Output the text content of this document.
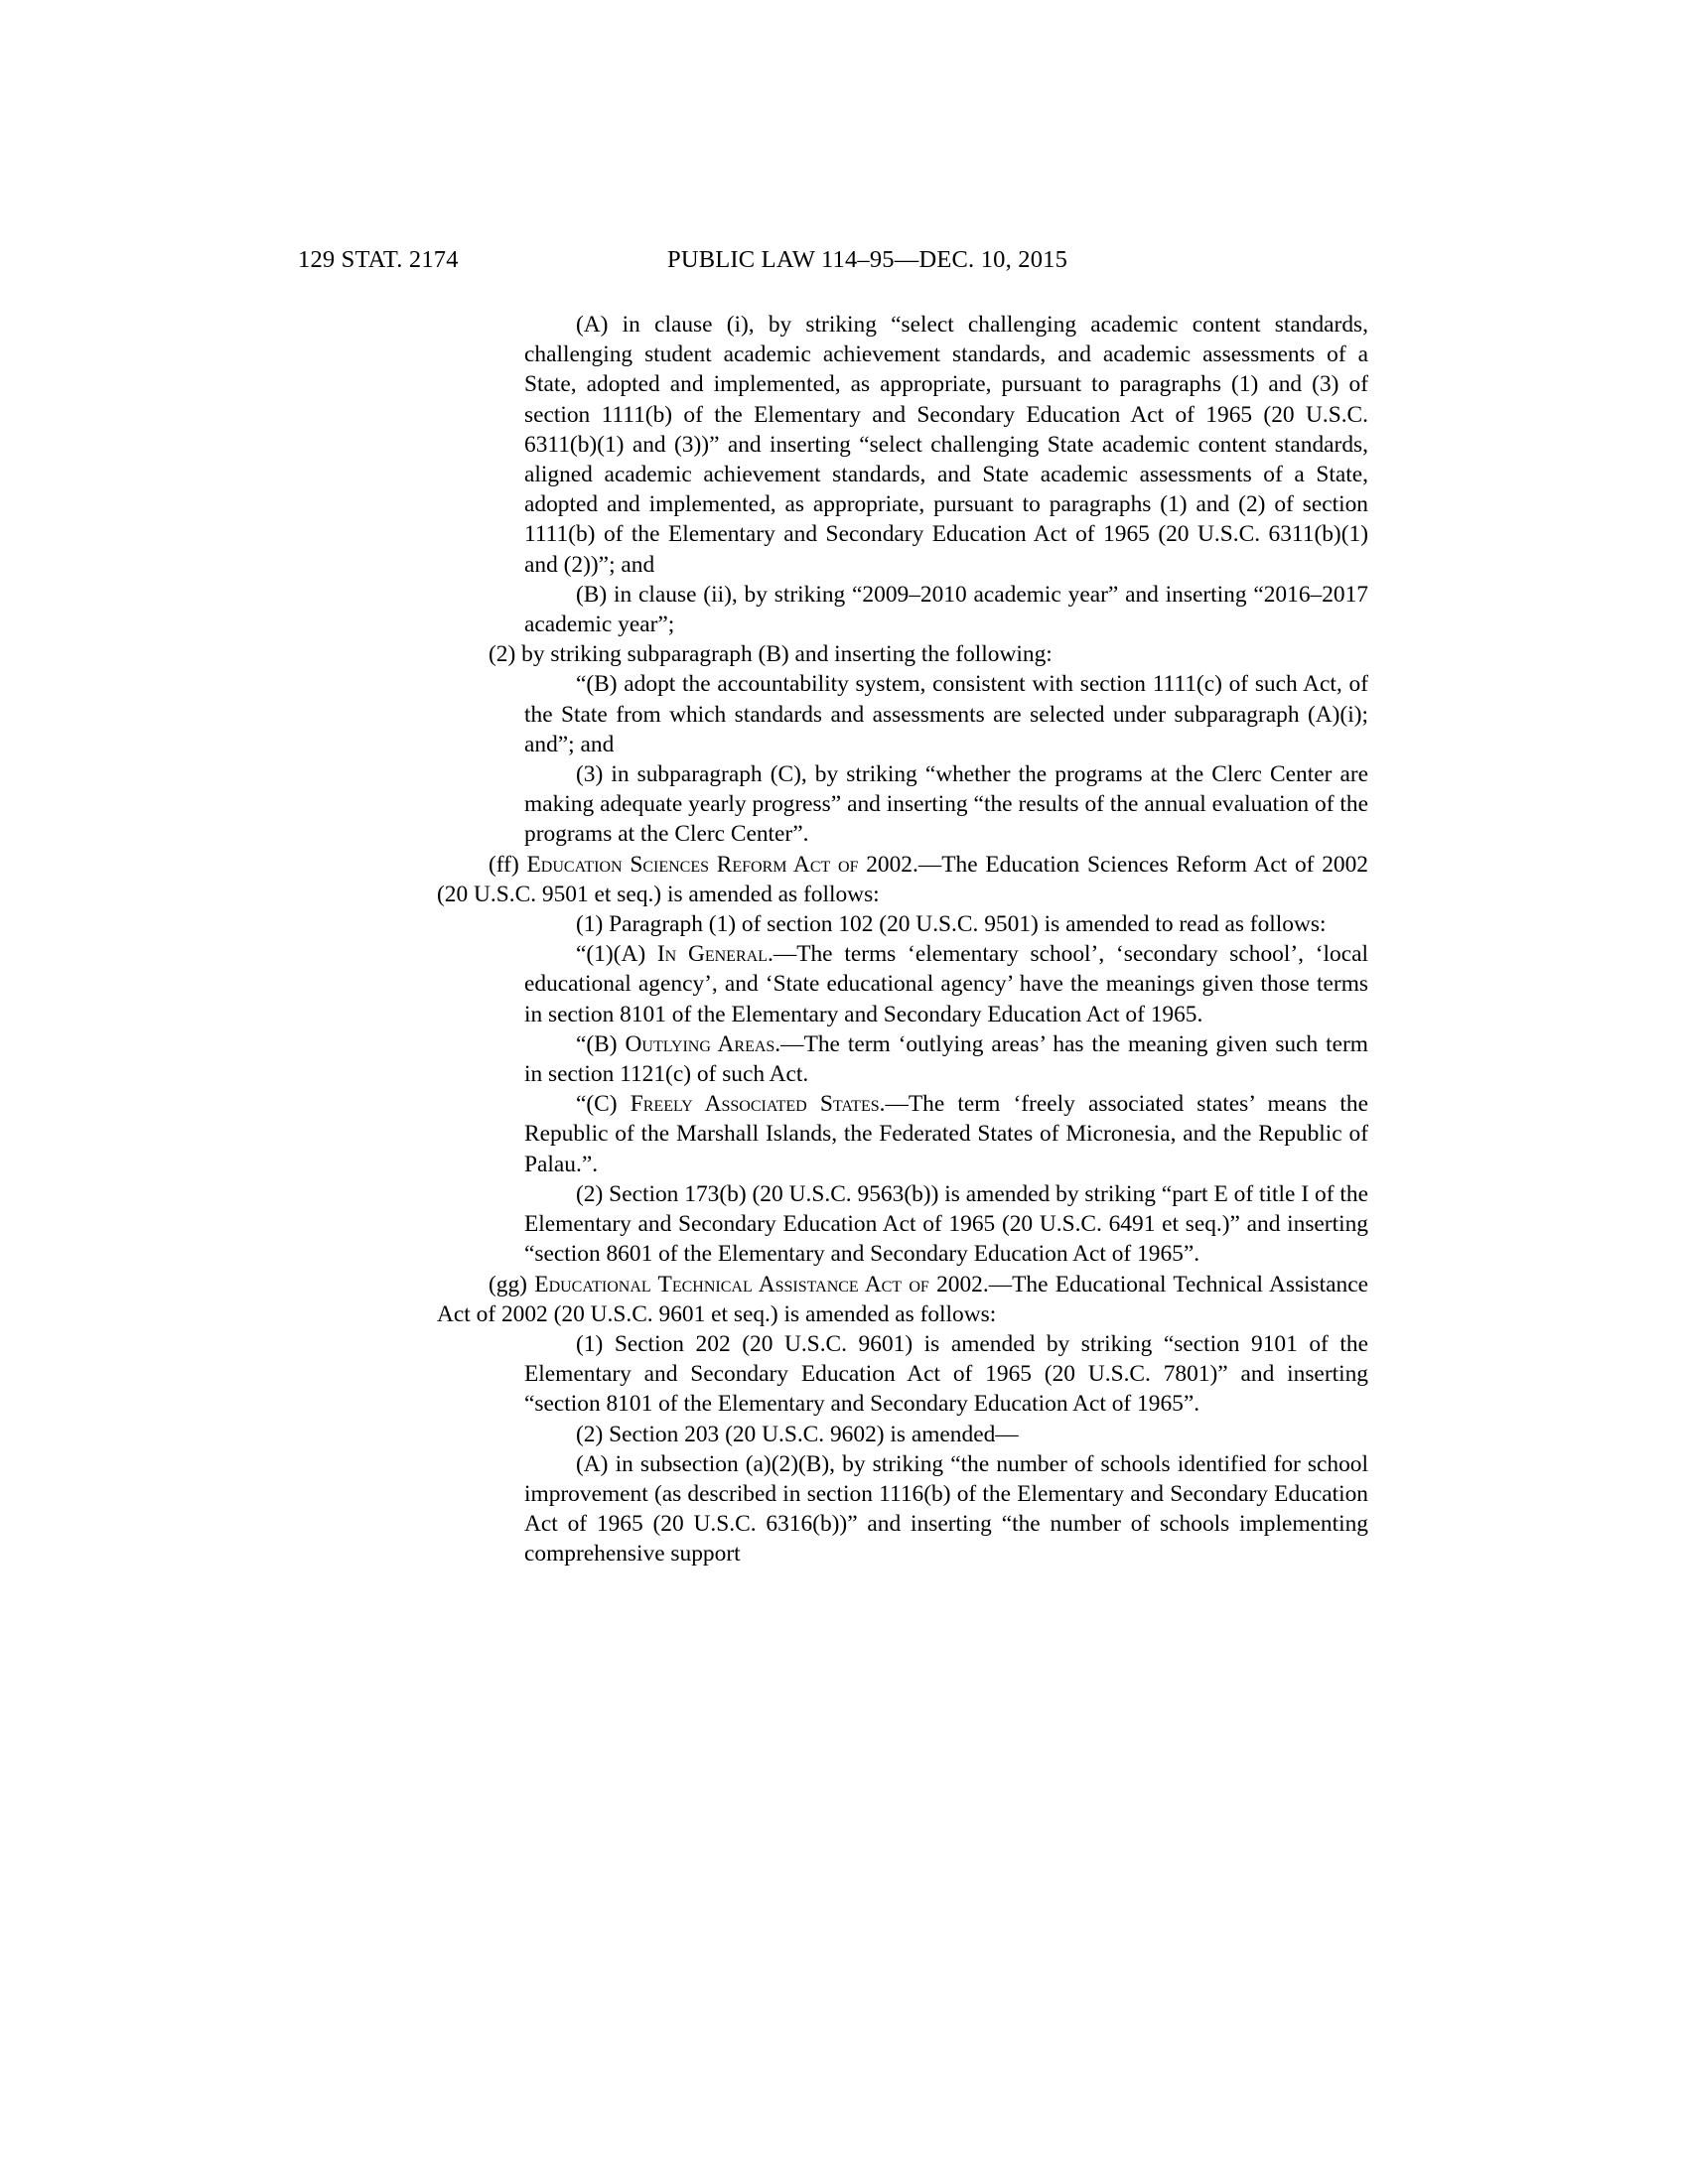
129 STAT. 2174	PUBLIC LAW 114–95—DEC. 10, 2015

(A) in clause (i), by striking “select challenging academic content standards, challenging student academic achievement standards, and academic assessments of a State, adopted and implemented, as appropriate, pursuant to paragraphs (1) and (3) of section 1111(b) of the Elementary and Secondary Education Act of 1965 (20 U.S.C. 6311(b)(1) and (3))” and inserting “select challenging State academic content standards, aligned academic achievement standards, and State academic assessments of a State, adopted and implemented, as appropriate, pursuant to paragraphs (1) and (2) of section 1111(b) of the Elementary and Secondary Education Act of 1965 (20 U.S.C. 6311(b)(1) and (2))”; and

(B) in clause (ii), by striking “2009–2010 academic year” and inserting “2016–2017 academic year”;

(2) by striking subparagraph (B) and inserting the following:

“(B) adopt the accountability system, consistent with section 1111(c) of such Act, of the State from which standards and assessments are selected under subparagraph (A)(i); and”; and

(3) in subparagraph (C), by striking “whether the programs at the Clerc Center are making adequate yearly progress” and inserting “the results of the annual evaluation of the programs at the Clerc Center”.

(ff) Education Sciences Reform Act of 2002.—The Education Sciences Reform Act of 2002 (20 U.S.C. 9501 et seq.) is amended as follows:

(1) Paragraph (1) of section 102 (20 U.S.C. 9501) is amended to read as follows:

“(1)(A) In General.—The terms ‘elementary school’, ‘secondary school’, ‘local educational agency’, and ‘State educational agency’ have the meanings given those terms in section 8101 of the Elementary and Secondary Education Act of 1965.

“(B) Outlying Areas.—The term ‘outlying areas’ has the meaning given such term in section 1121(c) of such Act.

“(C) Freely Associated States.—The term ‘freely associated states’ means the Republic of the Marshall Islands, the Federated States of Micronesia, and the Republic of Palau.”.

(2) Section 173(b) (20 U.S.C. 9563(b)) is amended by striking “part E of title I of the Elementary and Secondary Education Act of 1965 (20 U.S.C. 6491 et seq.)” and inserting “section 8601 of the Elementary and Secondary Education Act of 1965”.

(gg) Educational Technical Assistance Act of 2002.—The Educational Technical Assistance Act of 2002 (20 U.S.C. 9601 et seq.) is amended as follows:

(1) Section 202 (20 U.S.C. 9601) is amended by striking “section 9101 of the Elementary and Secondary Education Act of 1965 (20 U.S.C. 7801)” and inserting “section 8101 of the Elementary and Secondary Education Act of 1965”.

(2) Section 203 (20 U.S.C. 9602) is amended—

(A) in subsection (a)(2)(B), by striking “the number of schools identified for school improvement (as described in section 1116(b) of the Elementary and Secondary Education Act of 1965 (20 U.S.C. 6316(b))” and inserting “the number of schools implementing comprehensive support
